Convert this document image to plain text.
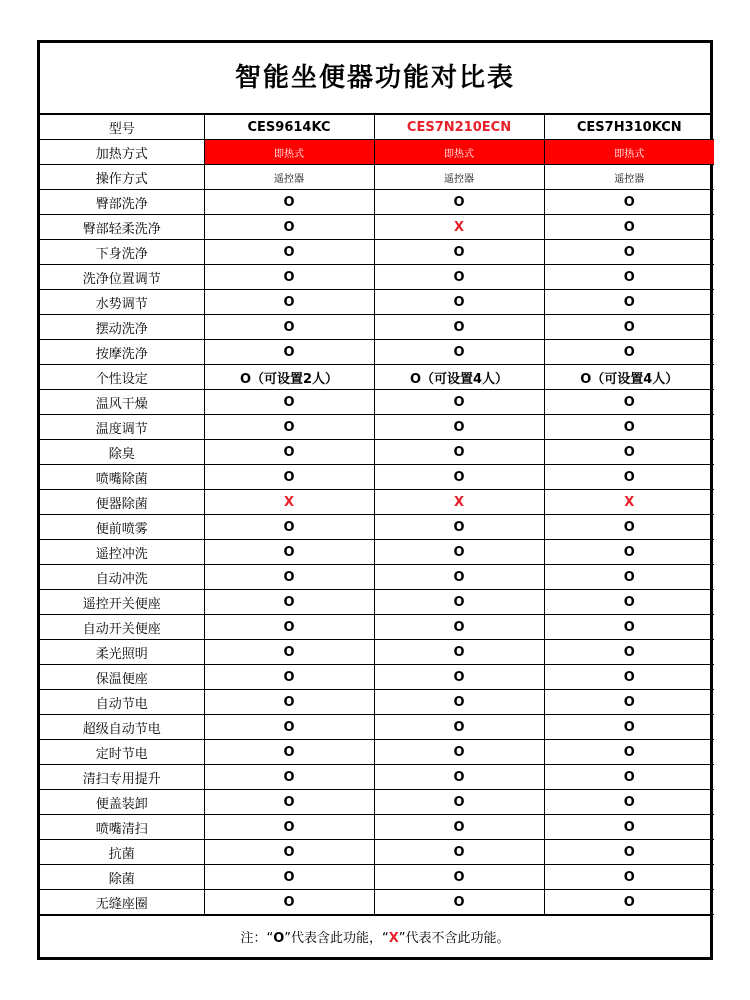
智能坐便器功能对比表
型号	CES9614KC	CES7N210ECN	CES7H310KCN
加热方式	即热式	即热式	即热式
操作方式	遥控器	遥控器	遥控器
臀部洗净	O	O	O
臀部轻柔洗净	O	X	O
下身洗净	O	O	O
洗净位置调节	O	O	O
水势调节	O	O	O
摆动洗净	O	O	O
按摩洗净	O	O	O
个性设定	O（可设置2人）	O（可设置4人）	O（可设置4人）
温风干燥	O	O	O
温度调节	O	O	O
除臭	O	O	O
喷嘴除菌	O	O	O
便器除菌	X	X	X
便前喷雾	O	O	O
遥控冲洗	O	O	O
自动冲洗	O	O	O
遥控开关便座	O	O	O
自动开关便座	O	O	O
柔光照明	O	O	O
保温便座	O	O	O
自动节电	O	O	O
超级自动节电	O	O	O
定时节电	O	O	O
清扫专用提升	O	O	O
便盖装卸	O	O	O
喷嘴清扫	O	O	O
抗菌	O	O	O
除菌	O	O	O
无缝座圈	O	O	O
注：“O”代表含此功能，“X”代表不含此功能。
